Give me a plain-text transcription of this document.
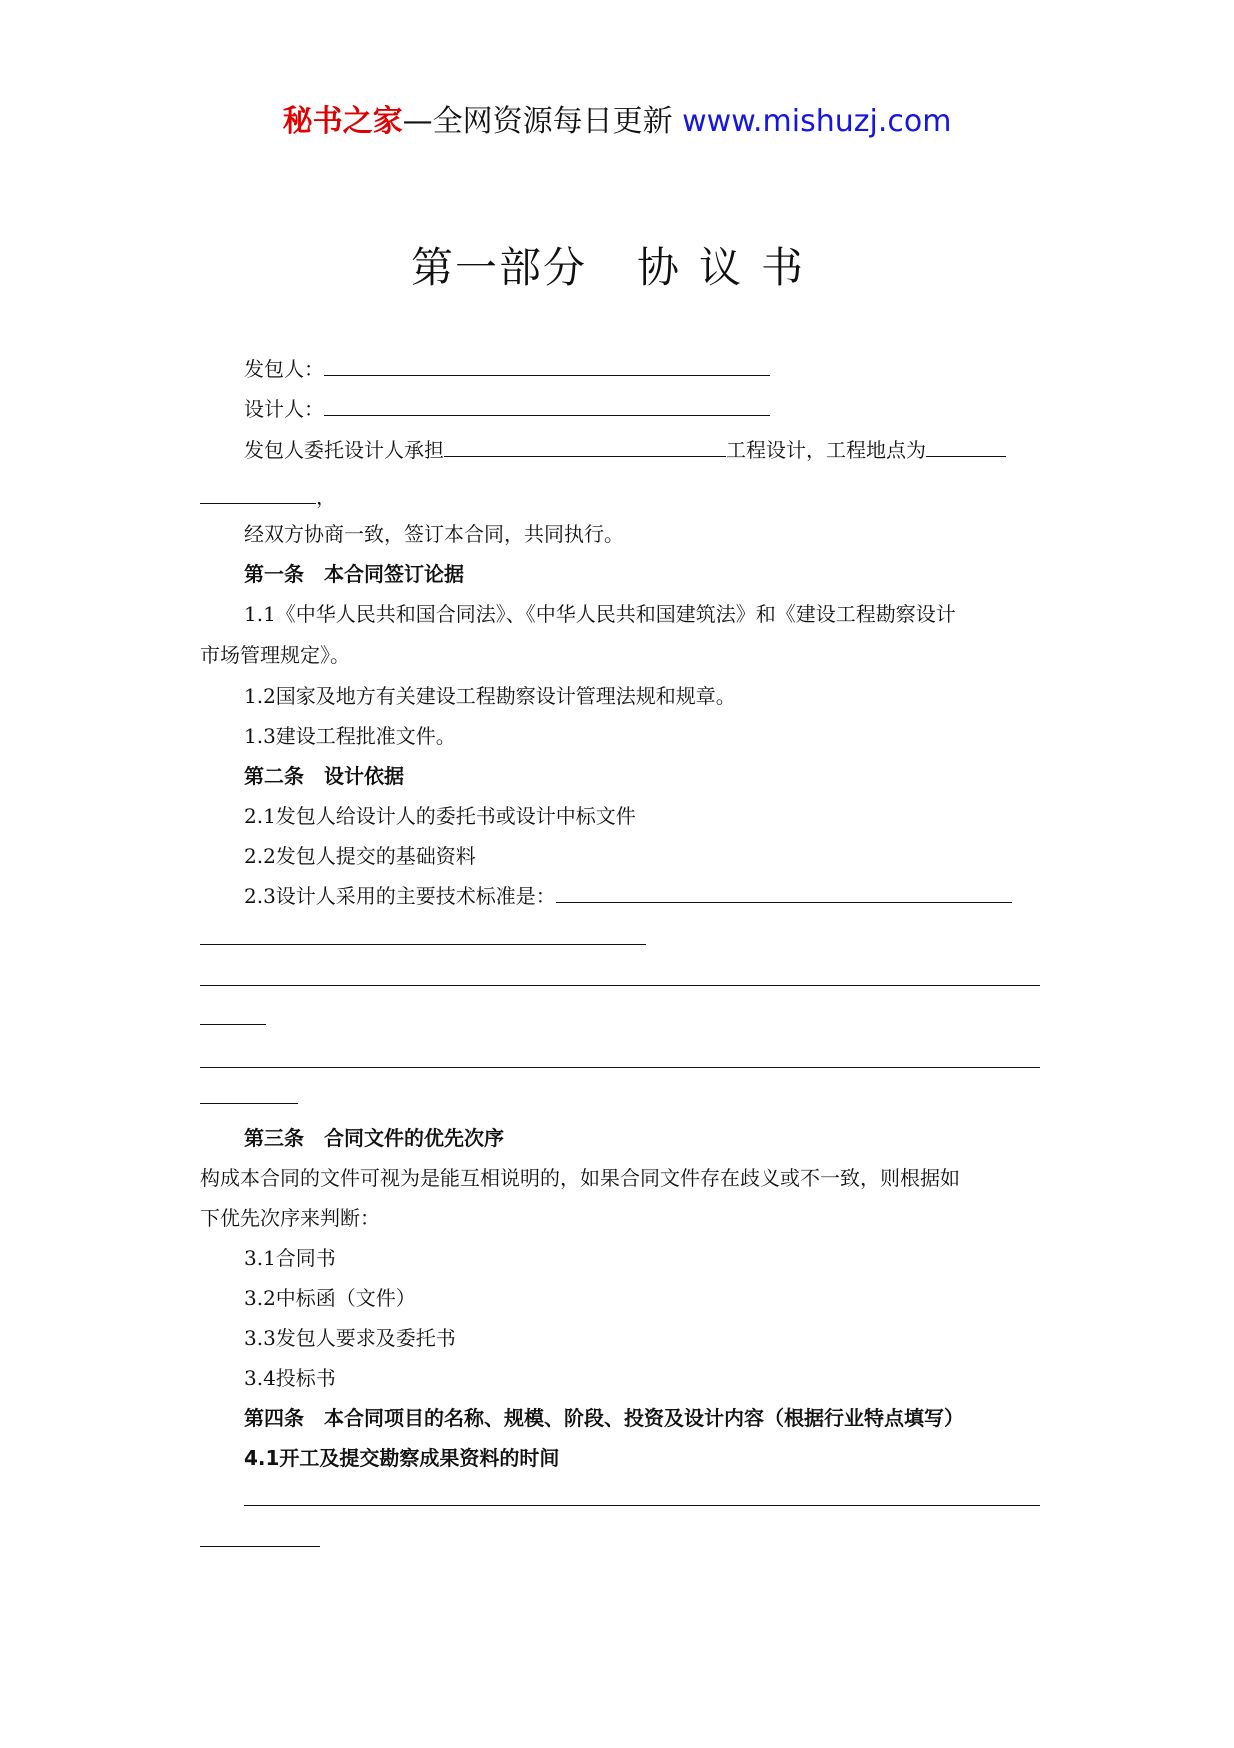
秘书之家—全网资源每日更新 www.mishuzj.com
第一部分 协议书
发包人：
设计人：
发包人委托设计人承担	工程设计，工程地点为
，
经双方协商一致，签订本合同，共同执行。
第一条　本合同签订论据
1.1《中华人民共和国合同法》、《中华人民共和国建筑法》和《建设工程勘察设计
市场管理规定》。
1.2国家及地方有关建设工程勘察设计管理法规和规章。
1.3建设工程批准文件。
第二条　设计依据
2.1发包人给设计人的委托书或设计中标文件
2.2发包人提交的基础资料
2.3设计人采用的主要技术标准是：
第三条　合同文件的优先次序
构成本合同的文件可视为是能互相说明的，如果合同文件存在歧义或不一致，则根据如
下优先次序来判断：
3.1合同书
3.2中标函（文件）
3.3发包人要求及委托书
3.4投标书
第四条　本合同项目的名称、规模、阶段、投资及设计内容（根据行业特点填写）
4.1开工及提交勘察成果资料的时间
